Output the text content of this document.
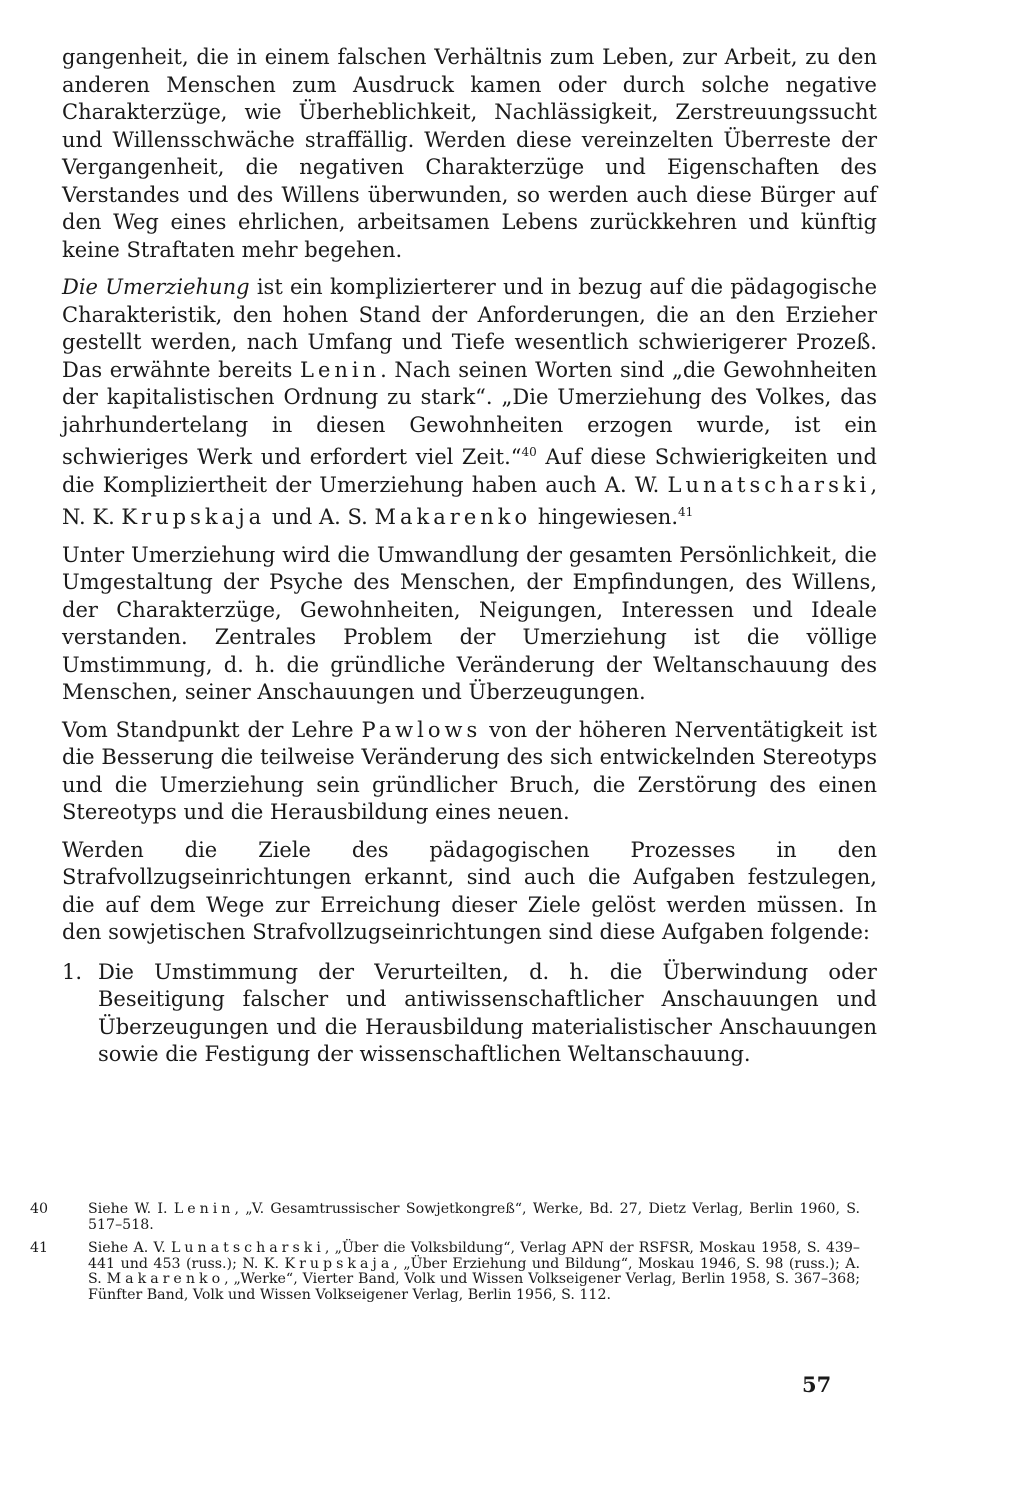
gangenheit, die in einem falschen Verhältnis zum Leben, zur Arbeit, zu den anderen Menschen zum Ausdruck kamen oder durch solche negative Charakterzüge, wie Überheblichkeit, Nachlässigkeit, Zerstreuungssucht und Willensschwäche straffällig. Werden diese vereinzelten Überreste der Vergangenheit, die negativen Charakterzüge und Eigenschaften des Verstandes und des Willens überwunden, so werden auch diese Bürger auf den Weg eines ehrlichen, arbeitsamen Lebens zurückkehren und künftig keine Straftaten mehr begehen.

Die Umerziehung ist ein komplizierterer und in bezug auf die pädagogische Charakteristik, den hohen Stand der Anforderungen, die an den Erzieher gestellt werden, nach Umfang und Tiefe wesentlich schwierigerer Prozeß. Das erwähnte bereits Lenin. Nach seinen Worten sind „die Gewohnheiten der kapitalistischen Ordnung zu stark“. „Die Umerziehung des Volkes, das jahrhundertelang in diesen Gewohnheiten erzogen wurde, ist ein schwieriges Werk und erfordert viel Zeit.“$^{40}$ Auf diese Schwierigkeiten und die Kompliziertheit der Umerziehung haben auch A. W. Lunatscharski, N. K. Krupskaja und A. S. Makarenko hingewiesen.$^{41}$

Unter Umerziehung wird die Umwandlung der gesamten Persönlichkeit, die Umgestaltung der Psyche des Menschen, der Empfindungen, des Willens, der Charakterzüge, Gewohnheiten, Neigungen, Interessen und Ideale verstanden. Zentrales Problem der Umerziehung ist die völlige Umstimmung, d. h. die gründliche Veränderung der Weltanschauung des Menschen, seiner Anschauungen und Überzeugungen.

Vom Standpunkt der Lehre Pawlows von der höheren Nerventätigkeit ist die Besserung die teilweise Veränderung des sich entwickelnden Stereotyps und die Umerziehung sein gründlicher Bruch, die Zerstörung des einen Stereotyps und die Herausbildung eines neuen.

Werden die Ziele des pädagogischen Prozesses in den Strafvollzugseinrichtungen erkannt, sind auch die Aufgaben festzulegen, die auf dem Wege zur Erreichung dieser Ziele gelöst werden müssen. In den sowjetischen Strafvollzugseinrichtungen sind diese Aufgaben folgende:

1. Die Umstimmung der Verurteilten, d. h. die Überwindung oder Beseitigung falscher und antiwissenschaftlicher Anschauungen und Überzeugungen und die Herausbildung materialistischer Anschauungen sowie die Festigung der wissenschaftlichen Weltanschauung.
40	Siehe W. I. Lenin, „V. Gesamtrussischer Sowjetkongreß“, Werke, Bd. 27, Dietz Verlag, Berlin 1960, S. 517–518.
41	Siehe A. V. Lunatscharski, „Über die Volksbildung“, Verlag APN der RSFSR, Moskau 1958, S. 439–441 und 453 (russ.); N. K. Krupskaja, „Über Erziehung und Bildung“, Moskau 1946, S. 98 (russ.); A. S. Makarenko, „Werke“, Vierter Band, Volk und Wissen Volkseigener Verlag, Berlin 1958, S. 367–368; Fünfter Band, Volk und Wissen Volkseigener Verlag, Berlin 1956, S. 112.
57
